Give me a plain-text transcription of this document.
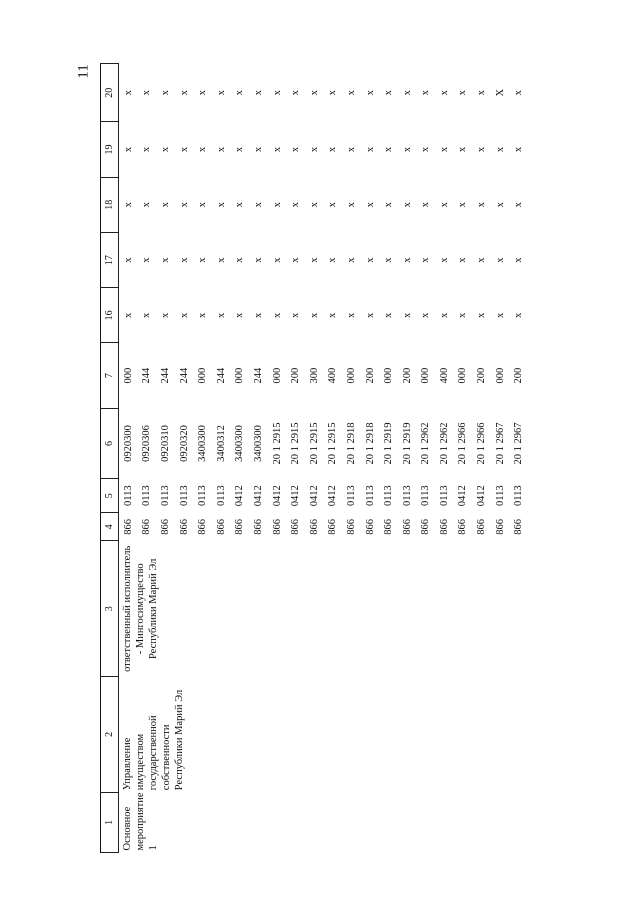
11
1	2	3	4	5	6	7	16	17	18	19	20
Основное мероприятие 1	Управление имуществом государственной собственности Республики Марий Эл	ответственный исполнитель - Мингосимущество Республики Марий Эл	866	0113	0920300	000	x	x	x	x	x
			866	0113	0920306	244	x	x	x	x	x
			866	0113	0920310	244	x	x	x	x	x
			866	0113	0920320	244	x	x	x	x	x
			866	0113	3400300	000	x	x	x	x	x
			866	0113	3400312	244	x	x	x	x	x
			866	0412	3400300	000	x	x	x	x	x
			866	0412	3400300	244	x	x	x	x	x
			866	0412	20 1 2915	000	x	x	x	x	x
			866	0412	20 1 2915	200	x	x	x	x	x
			866	0412	20 1 2915	300	x	x	x	x	x
			866	0412	20 1 2915	400	x	x	x	x	x
			866	0113	20 1 2918	000	x	x	x	x	x
			866	0113	20 1 2918	200	x	x	x	x	x
			866	0113	20 1 2919	000	x	x	x	x	x
			866	0113	20 1 2919	200	x	x	x	x	x
			866	0113	20 1 2962	000	x	x	x	x	x
			866	0113	20 1 2962	400	x	x	x	x	x
			866	0412	20 1 2966	000	x	x	x	x	x
			866	0412	20 1 2966	200	x	x	x	x	x
			866	0113	20 1 2967	000	x	x	x	x	X
			866	0113	20 1 2967	200	x	x	x	x	x
